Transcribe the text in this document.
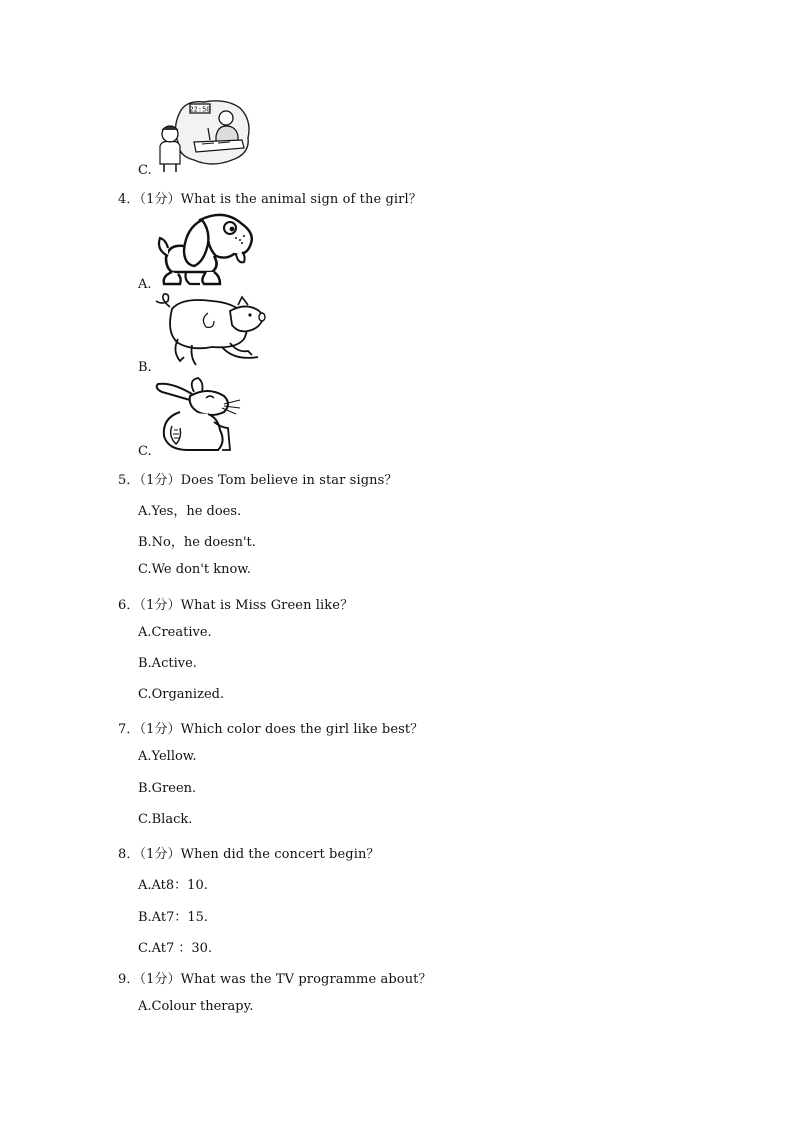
22:50
C.
4．（1分）What is the animal sign of the girl？
A.
B.
C.
5．（1分）Does Tom believe in star signs？
A.Yes，he does.
B.No，he doesn't.
C.We don't know.
6．（1分）What is Miss Green like？
A.Creative.
B.Active.
C.Organized.
7．（1分）Which color does the girl like best？
A.Yellow.
B.Green.
C.Black.
8．（1分）When did the concert begin？
A.At8：10.
B.At7：15.
C.At7 ：30.
9．（1分）What was the TV programme about？
A.Colour therapy.
